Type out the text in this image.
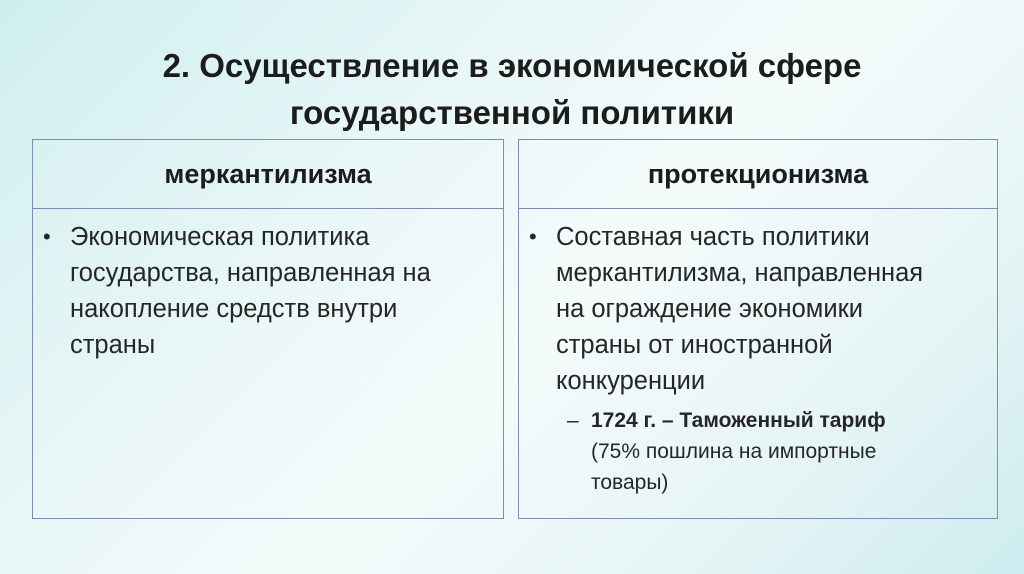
2. Осуществление в экономической сфере
государственной политики
меркантилизма
• Экономическая политика
государства, направленная на
накопление средств внутри
страны
протекционизма
• Составная часть политики
меркантилизма, направленная
на ограждение экономики
страны от иностранной
конкуренции
– 1724 г. – Таможенный тариф
(75% пошлина на импортные
товары)
